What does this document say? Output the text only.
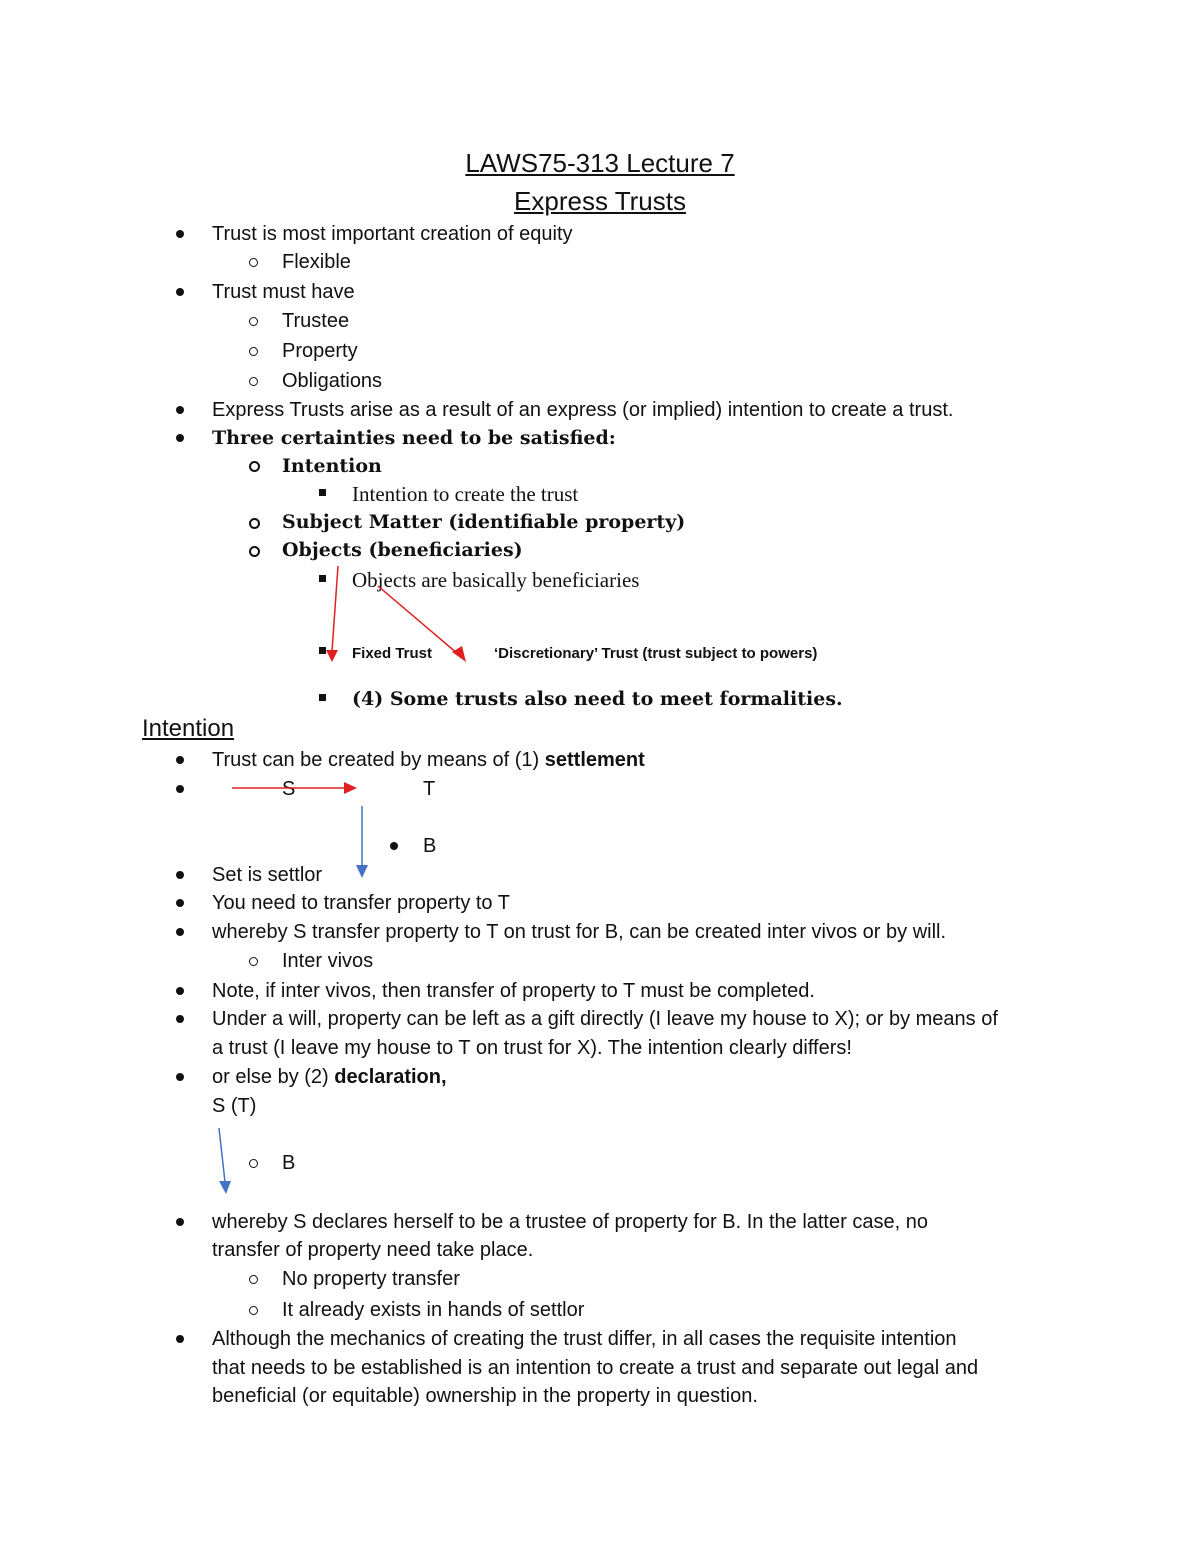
LAWS75-313 Lecture 7
Express Trusts
Trust is most important creation of equity
Flexible
Trust must have
Trustee
Property
Obligations
Express Trusts arise as a result of an express (or implied) intention to create a trust.
Three certainties need to be satisfied:
Intention
Intention to create the trust
Subject Matter (identifiable property)
Objects (beneficiaries)
Objects are basically beneficiaries
Fixed Trust	‘Discretionary’ Trust (trust subject to powers)
(4) Some trusts also need to meet formalities.
Intention
Trust can be created by means of (1) settlement
S	T
B
Set is settlor
You need to transfer property to T
whereby S transfer property to T on trust for B, can be created inter vivos or by will.
Inter vivos
Note, if inter vivos, then transfer of property to T must be completed.
Under a will, property can be left as a gift directly (I leave my house to X); or by means of
a trust (I leave my house to T on trust for X). The intention clearly differs!
or else by (2) declaration,
S (T)
B
whereby S declares herself to be a trustee of property for B. In the latter case, no
transfer of property need take place.
No property transfer
It already exists in hands of settlor
Although the mechanics of creating the trust differ, in all cases the requisite intention
that needs to be established is an intention to create a trust and separate out legal and
beneficial (or equitable) ownership in the property in question.
